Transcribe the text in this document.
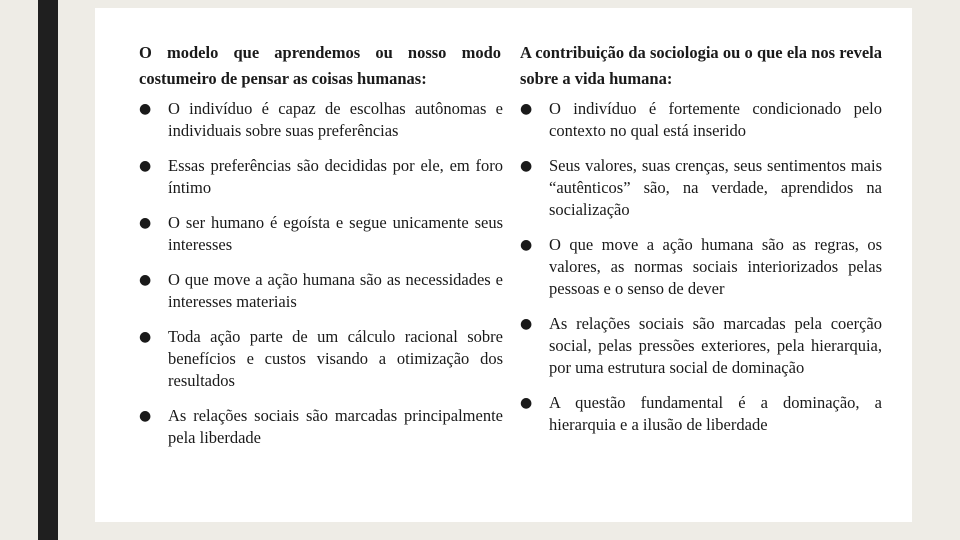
O modelo que aprendemos ou nosso modo costumeiro de pensar as coisas humanas:
● O indivíduo é capaz de escolhas autônomas e individuais sobre suas preferências
● Essas preferências são decididas por ele, em foro íntimo
● O ser humano é egoísta e segue unicamente seus interesses
● O que move a ação humana são as necessidades e interesses materiais
● Toda ação parte de um cálculo racional sobre benefícios e custos visando a otimização dos resultados
● As relações sociais são marcadas principalmente pela liberdade
A contribuição da sociologia ou o que ela nos revela sobre a vida humana:
● O indivíduo é fortemente condicionado pelo contexto no qual está inserido
● Seus valores, suas crenças, seus sentimentos mais “autênticos” são, na verdade, aprendidos na socialização
● O que move a ação humana são as regras, os valores, as normas sociais interiorizados pelas pessoas e o senso de dever
● As relações sociais são marcadas pela coerção social, pelas pressões exteriores, pela hierarquia, por uma estrutura social de dominação
● A questão fundamental é a dominação, a hierarquia e a ilusão de liberdade
